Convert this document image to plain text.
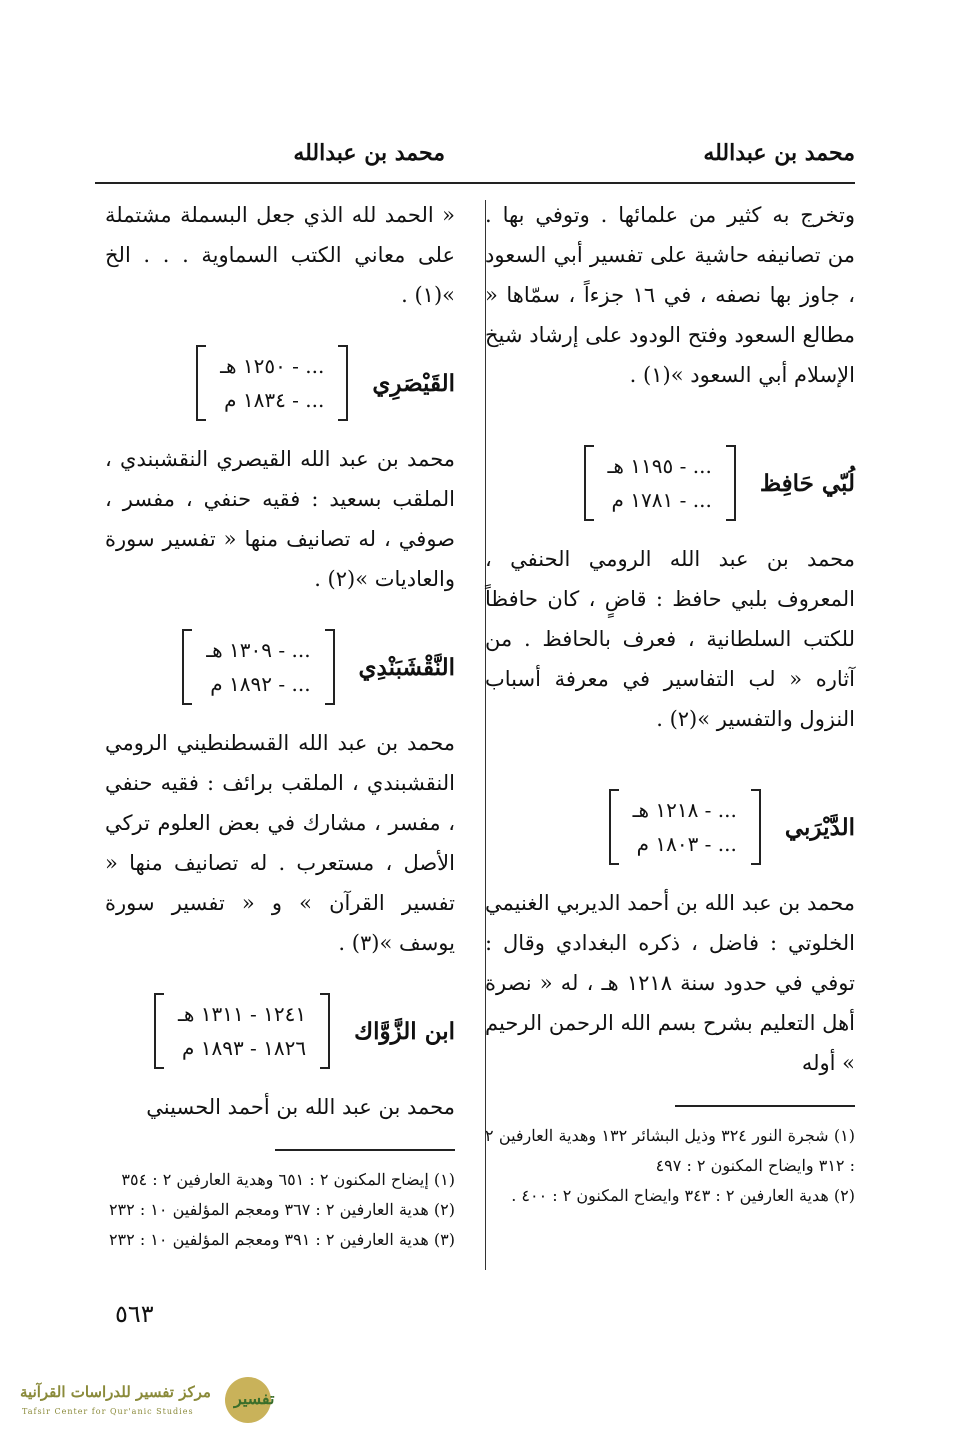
محمد بن عبدالله
محمد بن عبدالله

وتخرج به كثير من علمائها . وتوفي بها . من تصانيفه حاشية على تفسير أبي السعود ، جاوز بها نصفه ، في ١٦ جزءاً ، سمّاها « مطالع السعود وفتح الودود على إرشاد شيخ الإسلام أبي السعود »(١) .

لُبّي حَافِظ
... - ١١٩٥ هـ
... - ١٧٨١ م

محمد بن عبد الله الرومي الحنفي ، المعروف بلبي حافظ : قاضٍ ، كان حافظاً للكتب السلطانية ، فعرف بالحافظ . من آثاره « لب التفاسير في معرفة أسباب النزول والتفسير »(٢) .

الدَّيْرَبي
... - ١٢١٨ هـ
... - ١٨٠٣ م

محمد بن عبد الله بن أحمد الديربي الغنيمي الخلوتي : فاضل ، ذكره البغدادي وقال : توفي في حدود سنة ١٢١٨ هـ ، له « نصرة أهل التعليم بشرح بسم الله الرحمن الرحيم » أوله

(١) شجرة النور ٣٢٤ وذيل البشائر ١٣٢ وهدية العارفين ٢ : ٣١٢ وايضاح المكنون ٢ : ٤٩٧

(٢) هدية العارفين ٢ : ٣٤٣ وايضاح المكنون ٢ : ٤٠٠ .

« الحمد لله الذي جعل البسملة مشتملة على معاني الكتب السماوية . . . الخ »(١) .

القَيْصَرِي
... - ١٢٥٠ هـ
... - ١٨٣٤ م

محمد بن عبد الله القيصري النقشبندي ، الملقب بسعيد : فقيه حنفي ، مفسر ، صوفي ، له تصانيف منها « تفسير سورة والعاديات »(٢) .

النَّقْشَبَنْدِي
... - ١٣٠٩ هـ
... - ١٨٩٢ م

محمد بن عبد الله القسطنطيني الرومي النقشبندي ، الملقب برائف : فقيه حنفي ، مفسر ، مشارك في بعض العلوم تركي الأصل ، مستعرب . له تصانيف منها « تفسير القرآن » و « تفسير سورة يوسف »(٣) .

ابن الزَّوَّاك
١٢٤١ - ١٣١١ هـ
١٨٢٦ - ١٨٩٣ م

محمد بن عبد الله بن أحمد الحسيني

(١) إيضاح المكنون ٢ : ٦٥١ وهدية العارفين ٢ : ٣٥٤

(٢) هدية العارفين ٢ : ٣٦٧ ومعجم المؤلفين ١٠ : ٢٣٢

(٣) هدية العارفين ٢ : ٣٩١ ومعجم المؤلفين ١٠ : ٢٣٢

٥٦٣
مركز تفسير للدراسات القرآنية
Tafsir Center for Qur'anic Studies
تفسير
